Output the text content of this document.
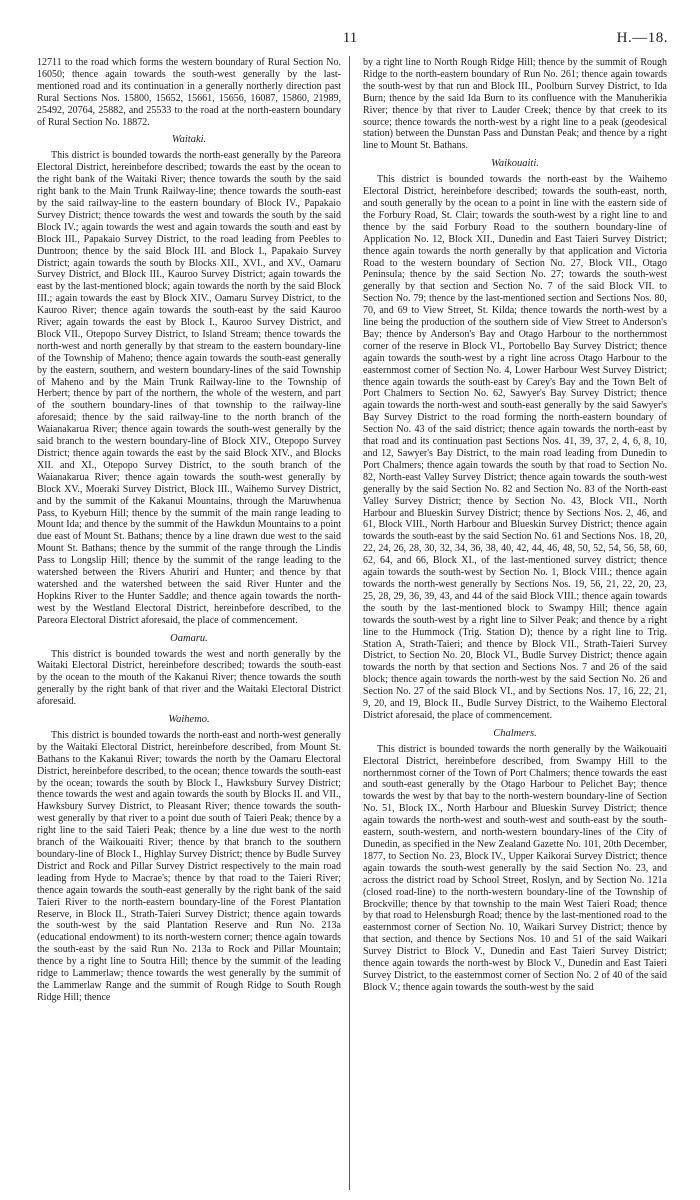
11	H.—18.

12711 to the road which forms the western boundary of Rural Section No. 16050; thence again towards the south-west generally by the last-mentioned road and its continuation in a generally northerly direction past Rural Sections Nos. 15800, 15652, 15661, 15656, 16087, 15860, 21989, 25492, 20764, 25882, and 25533 to the road at the north-eastern boundary of Rural Section No. 18872.

Waitaki.

This district is bounded towards the north-east generally by the Pareora Electoral District, hereinbefore described; towards the east by the ocean to the right bank of the Waitaki River; thence towards the south by the said right bank to the Main Trunk Railway-line; thence towards the south-east by the said railway-line to the eastern boundary of Block IV., Papakaio Survey District; thence towards the west and towards the south by the said Block IV.; again towards the west and again towards the south and east by Block III., Papakaio Survey District, to the road leading from Peebles to Duntroon; thence by the said Block III. and Block I., Papakaio Survey District; again towards the south by Blocks XII., XVI., and XV., Oamaru Survey District, and Block III., Kauroo Survey District; again towards the east by the last-mentioned block; again towards the north by the said Block III.; again towards the east by Block XIV., Oamaru Survey District, to the Kauroo River; thence again towards the south-east by the said Kauroo River; again towards the east by Block I., Kauroo Survey District, and Block VII., Otepopo Survey District, to Island Stream; thence towards the north-west and north generally by that stream to the eastern boundary-line of the Township of Maheno; thence again towards the south-east generally by the eastern, southern, and western boundary-lines of the said Township of Maheno and by the Main Trunk Railway-line to the Township of Herbert; thence by part of the northern, the whole of the western, and part of the southern boundary-lines of that township to the railway-line aforesaid; thence by the said railway-line to the north branch of the Waianakarua River; thence again towards the south-west generally by the said branch to the western boundary-line of Block XIV., Otepopo Survey District; thence again towards the east by the said Block XIV., and Blocks XII. and XI., Otepopo Survey District, to the south branch of the Waianakarua River; thence again towards the south-west generally by Block XV., Moeraki Survey District, Block III., Waihemo Survey District, and by the summit of the Kakanui Mountains, through the Maruwhenua Pass, to Kyeburn Hill; thence by the summit of the main range leading to Mount Ida; and thence by the summit of the Hawkdun Mountains to a point due east of Mount St. Bathans; thence by a line drawn due west to the said Mount St. Bathans; thence by the summit of the range through the Lindis Pass to Longslip Hill; thence by the summit of the range leading to the watershed between the Rivers Ahuriri and Hunter; and thence by that watershed and the watershed between the said River Hunter and the Hopkins River to the Hunter Saddle; and thence again towards the north-west by the Westland Electoral District, hereinbefore described, to the Pareora Electoral District aforesaid, the place of commencement.

Oamaru.

This district is bounded towards the west and north generally by the Waitaki Electoral District, hereinbefore described; towards the south-east by the ocean to the mouth of the Kakanui River; thence towards the south generally by the right bank of that river and the Waitaki Electoral District aforesaid.

Waihemo.

This district is bounded towards the north-east and north-west generally by the Waitaki Electoral District, hereinbefore described, from Mount St. Bathans to the Kakanui River; towards the north by the Oamaru Electoral District, hereinbefore described, to the ocean; thence towards the south-east by the ocean; towards the south by Block I., Hawksbury Survey District; thence towards the west and again towards the south by Blocks II. and VII., Hawksbury Survey District, to Pleasant River; thence towards the south-west generally by that river to a point due south of Taieri Peak; thence by a right line to the said Taieri Peak; thence by a line due west to the north branch of the Waikouaiti River; thence by that branch to the southern boundary-line of Block I., Highlay Survey District; thence by Budle Survey District and Rock and Pillar Survey District respectively to the main road leading from Hyde to Macrae's; thence by that road to the Taieri River; thence again towards the south-east generally by the right bank of the said Taieri River to the north-eastern boundary-line of the Forest Plantation Reserve, in Block II., Strath-Taieri Survey District; thence again towards the south-west by the said Plantation Reserve and Run No. 213a (educational endowment) to its north-western corner; thence again towards the south-east by the said Run No. 213a to Rock and Pillar Mountain; thence by a right line to Soutra Hill; thence by the summit of the leading ridge to Lammerlaw; thence towards the west generally by the summit of the Lammerlaw Range and the summit of Rough Ridge to South Rough Ridge Hill; thence

by a right line to North Rough Ridge Hill; thence by the summit of Rough Ridge to the north-eastern boundary of Run No. 261; thence again towards the south-west by that run and Block III., Poolburn Survey District, to Ida Burn; thence by the said Ida Burn to its confluence with the Manuherikia River; thence by that river to Lauder Creek; thence by that creek to its source; thence towards the north-west by a right line to a peak (geodesical station) between the Dunstan Pass and Dunstan Peak; and thence by a right line to Mount St. Bathans.

Waikouaiti.

This district is bounded towards the north-east by the Waihemo Electoral District, hereinbefore described; towards the south-east, north, and south generally by the ocean to a point in line with the eastern side of the Forbury Road, St. Clair; towards the south-west by a right line to and thence by the said Forbury Road to the southern boundary-line of Application No. 12, Block XII., Dunedin and East Taieri Survey District; thence again towards the north generally by that application and Victoria Road to the western boundary of Section No. 27, Block VII., Otago Peninsula; thence by the said Section No. 27; towards the south-west generally by that section and Section No. 7 of the said Block VII. to Section No. 79; thence by the last-mentioned section and Sections Nos. 80, 70, and 69 to View Street, St. Kilda; thence towards the north-west by a line being the production of the southern side of View Street to Anderson's Bay; thence by Anderson's Bay and Otago Harbour to the northernmost corner of the reserve in Block VI., Portobello Bay Survey District; thence again towards the south-west by a right line across Otago Harbour to the easternmost corner of Section No. 4, Lower Harbour West Survey District; thence again towards the south-east by Carey's Bay and the Town Belt of Port Chalmers to Section No. 62, Sawyer's Bay Survey District; thence again towards the north-west and south-east generally by the said Sawyer's Bay Survey District to the road forming the north-eastern boundary of Section No. 43 of the said district; thence again towards the north-east by that road and its continuation past Sections Nos. 41, 39, 37, 2, 4, 6, 8, 10, and 12, Sawyer's Bay District, to the main road leading from Dunedin to Port Chalmers; thence again towards the south by that road to Section No. 82, North-east Valley Survey District; thence again towards the south-west generally by the said Section No. 82 and Section No. 83 of the North-east Valley Survey District; thence by Section No. 43, Block VII., North Harbour and Blueskin Survey District; thence by Sections Nos. 2, 46, and 61, Block VIII., North Harbour and Blueskin Survey District; thence again towards the south-east by the said Section No. 61 and Sections Nos. 18, 20, 22, 24, 26, 28, 30, 32, 34, 36, 38, 40, 42, 44, 46, 48, 50, 52, 54, 56, 58, 60, 62, 64, and 66, Block XI., of the last-mentioned survey district; thence again towards the south-west by Section No. 1, Block VIII.; thence again towards the north-west generally by Sections Nos. 19, 56, 21, 22, 20, 23, 25, 28, 29, 36, 39, 43, and 44 of the said Block VIII.; thence again towards the south by the last-mentioned block to Swampy Hill; thence again towards the south-west by a right line to Silver Peak; and thence by a right line to the Hummock (Trig. Station D); thence by a right line to Trig. Station A, Strath-Taieri; and thence by Block VII., Strath-Taieri Survey District, to Section No. 20, Block VI., Budle Survey District; thence again towards the north by that section and Sections Nos. 7 and 26 of the said block; thence again towards the north-west by the said Section No. 26 and Section No. 27 of the said Block VI., and by Sections Nos. 17, 16, 22, 21, 9, 20, and 19, Block II., Budle Survey District, to the Waihemo Electoral District aforesaid, the place of commencement.

Chalmers.

This district is bounded towards the north generally by the Waikouaiti Electoral District, hereinbefore described, from Swampy Hill to the northernmost corner of the Town of Port Chalmers; thence towards the east and south-east generally by the Otago Harbour to Pelichet Bay; thence towards the west by that bay to the north-western boundary-line of Section No. 51, Block IX., North Harbour and Blueskin Survey District; thence again towards the north-west and south-west and south-east by the south-eastern, south-western, and north-western boundary-lines of the City of Dunedin, as specified in the New Zealand Gazette No. 101, 20th December, 1877, to Section No. 23, Block IV., Upper Kaikorai Survey District; thence again towards the south-west generally by the said Section No. 23, and across the district road by School Street, Roslyn, and by Section No. 121a (closed road-line) to the north-western boundary-line of the Township of Brockville; thence by that township to the main West Taieri Road; thence by that road to Helensburgh Road; thence by the last-mentioned road to the easternmost corner of Section No. 10, Waikari Survey District; thence by that section, and thence by Sections Nos. 10 and 51 of the said Waikari Survey District to Block V., Dunedin and East Taieri Survey District; thence again towards the north-west by Block V., Dunedin and East Taieri Survey District, to the easternmost corner of Section No. 2 of 40 of the said Block V.; thence again towards the south-west by the said
